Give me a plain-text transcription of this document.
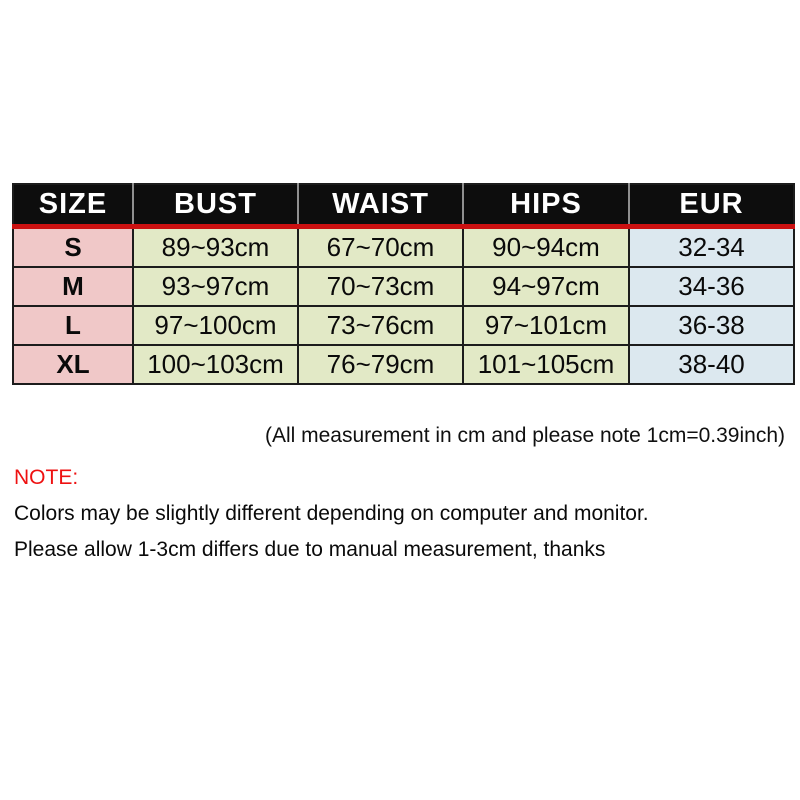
SIZE	BUST	WAIST	HIPS	EUR
S	89~93cm	67~70cm	90~94cm	32-34
M	93~97cm	70~73cm	94~97cm	34-36
L	97~100cm	73~76cm	97~101cm	36-38
XL	100~103cm	76~79cm	101~105cm	38-40
(All measurement in cm and please note 1cm=0.39inch)
NOTE:
Colors may be slightly different depending on computer and monitor.
Please allow 1-3cm differs due to manual measurement, thanks
